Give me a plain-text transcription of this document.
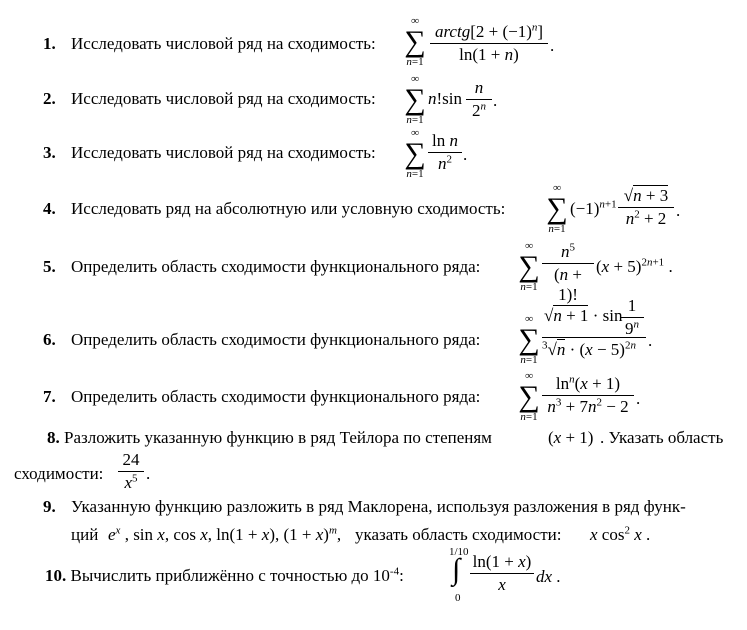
1. Исследовать числовой ряд на сходимость:
∞
∑
n=1
arctg[2 + $(-1)^n$]
ln(1 + n)	.
2. Исследовать числовой ряд на сходимость:
∞
∑
n=1
n!sin
n
2$^n$ .
3. Исследовать числовой ряд на сходимость:
∞
∑
n=1
ln n
$n^2$ .
4. Исследовать ряд на абсолютную или условную сходимость:
∞
∑
n=1
$(-1)^{n+1}$ √n + 3
$n^2 + 2$ .
5. Определить область сходимости функционального ряда:
∞
∑
n=1
$n^5$
(n + 1)!
$(x + 5)^{2n+1}$ .
6. Определить область сходимости функционального ряда:
∞
∑
n=1
√n + 1 · sin
1
9$^n$
$^3√n \cdot (x - 5)^{2n}$ .
7. Определить область сходимости функционального ряда:
∞
∑
n=1
$\ln^n(x + 1)$
$n^3 + 7n^2 - 2$ .
8. Разложить указанную функцию в ряд Тейлора по степеням	(x + 1) . Указать область
сходимости:
24
$x^5$ .
9. Указанную функцию разложить в ряд Маклорена, используя разложения в ряд функ-
ций $e^x$ , sin x, cos x, ln(1 + x), $(1 + x)^m$, указать область сходимости: x $\cos^2 x$ .
10. Вычислить приближённо с точностью до $10^{-4}$:
1/10
∫
0
ln(1 + x)
x	dx .
